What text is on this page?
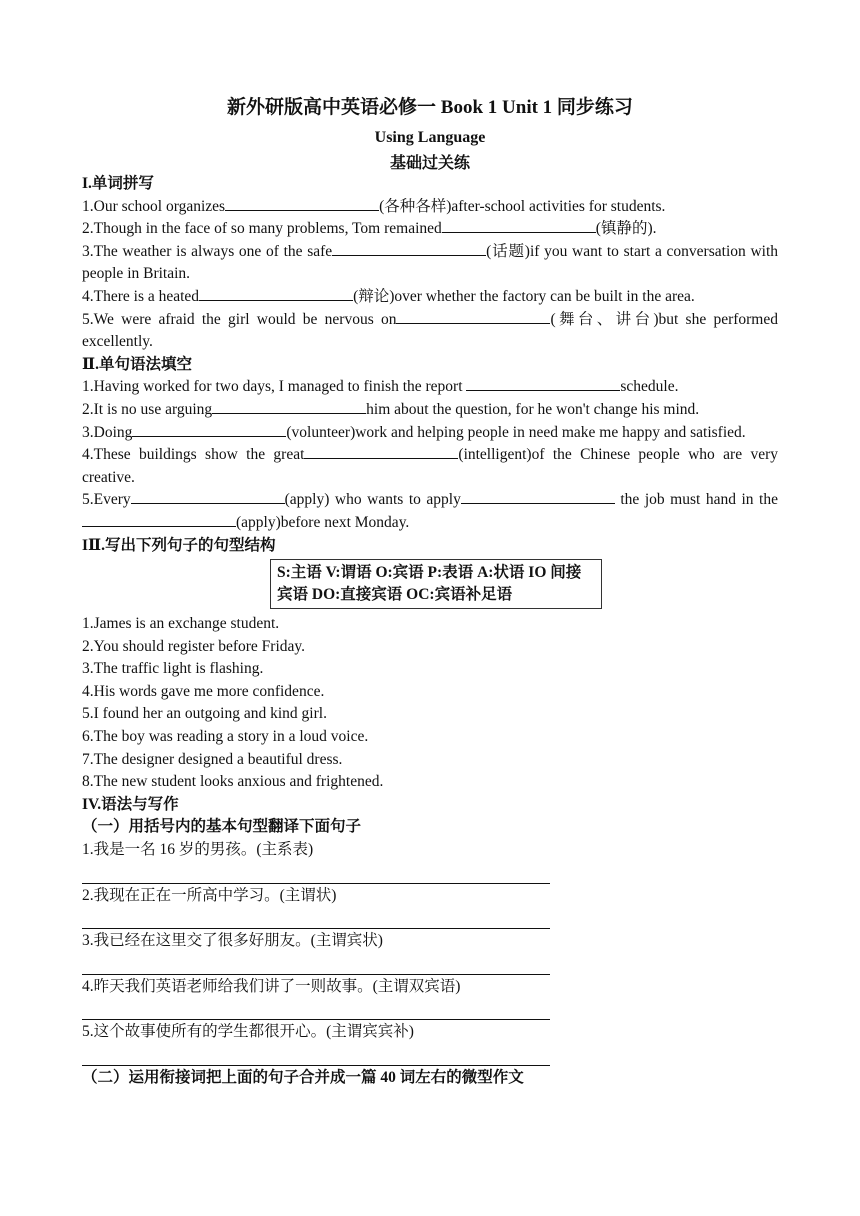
新外研版高中英语必修一 Book 1 Unit 1 同步练习
Using Language
基础过关练

I.单词拼写

1.Our school organizes	(各种各样)after-school activities for students.

2.Though in the face of so many problems, Tom remained	(镇静的).

3.The weather is always one of the safe	(话题)if you want to start a conversation with people in Britain.

4.There is a heated	(辩论)over whether the factory can be built in the area.

5.We were afraid the girl would be nervous on	(舞台、讲台)but she performed excellently.

Ⅱ.单句语法填空

1.Having worked for two days, I managed to finish the report	schedule.

2.It is no use arguing	him about the question, for he won't change his mind.

3.Doing	(volunteer)work and helping people in need make me happy and satisfied.

4.These buildings show the great	(intelligent)of the Chinese people who are very creative.

5.Every	(apply) who wants to apply	the job must hand in the (apply)before next Monday.

IⅡ.写出下列句子的句型结构

S:主语 V:谓语 O:宾语 P:表语 A:状语 IO 间接宾语 DO:直接宾语 OC:宾语补足语

1.James is an exchange student.

2.You should register before Friday.

3.The traffic light is flashing.

4.His words gave me more confidence.

5.I found her an outgoing and kind girl.

6.The boy was reading a story in a loud voice.

7.The designer designed a beautiful dress.

8.The new student looks anxious and frightened.

IV.语法与写作

（一）用括号内的基本句型翻译下面句子

1.我是一名 16 岁的男孩。(主系表)

2.我现在正在一所高中学习。(主谓状)

3.我已经在这里交了很多好朋友。(主谓宾状)

4.昨天我们英语老师给我们讲了一则故事。(主谓双宾语)

5.这个故事使所有的学生都很开心。(主谓宾宾补)

（二）运用衔接词把上面的句子合并成一篇 40 词左右的微型作文
